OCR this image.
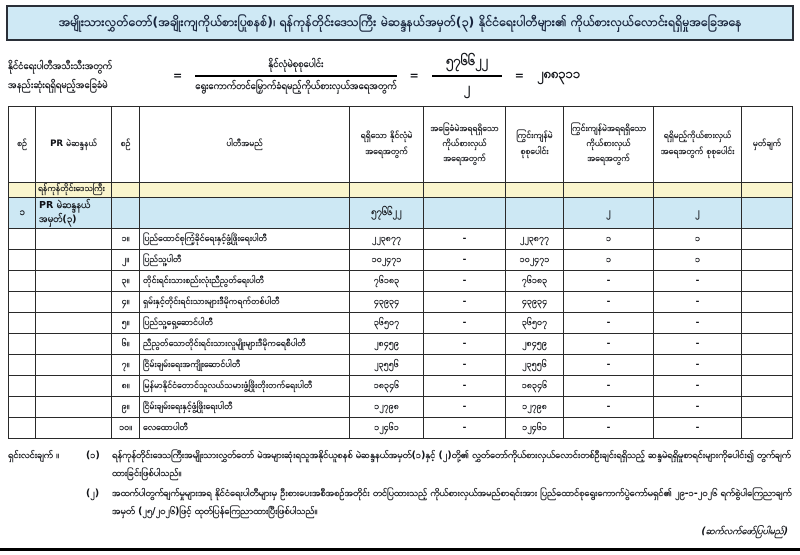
အမျိုးသားလွှတ်တော်(အချိုးကျကိုယ်စားပြုစနစ်)၊ ရန်ကုန်တိုင်းဒေသကြီး မဲဆန္ဒနယ်အမှတ်(၃) နိုင်ငံရေးပါတီများ၏ ကိုယ်စားလှယ်လောင်းရရှိမှုအခြေအနေ
နိုင်ငံရေးပါတီအသီးသီးအတွက်
အနည်းဆုံးရရှိရမည့်အခြေခံမဲ
= $\frac{\text{နိုင်လုံမဲစုစုပေါင်း}}{\text{ရွေးကောက်တင်မြှောက်ခံရမည့်ကိုယ်စားလှယ်အရေအတွက်}} = \frac{၅၇၆၆၂၂}{၂}$ = ၂၈၈၃၁၁
စဉ်	PR မဲဆန္ဒနယ်	စဉ်	ပါတီအမည်	ရရှိသော နိုင်လုံမဲ အရေအတွက်	အခြေခံမဲအရရရှိသော ကိုယ်စားလှယ် အရေအတွက်	ကြွင်းကျန်မဲ စုစုပေါင်း	ကြွင်းကျန်မဲအရရရှိသော ကိုယ်စားလှယ် အရေအတွက်	ရရှိမည့်ကိုယ်စားလှယ် အရေအတွက် စုစုပေါင်း	မှတ်ချက်
	ရန်ကုန်တိုင်းဒေသကြီး								
၁	PR မဲဆန္ဒနယ်အမှတ်(၃)			၅၇၆၆၂၂			၂	၂	
		၁။	ပြည်ထောင်စုကြံ့ခိုင်ရေးနှင့်ဖွံ့ဖြိုးရေးပါတီ	၂၂၃၈၇၇	-	၂၂၃၈၇၇	၁	၁	
		၂။	ပြည်သူ့ပါတီ	၁၀၂၄၇၁	-	၁၀၂၄၇၁	၁	၁	
		၃။	တိုင်းရင်းသားစည်းလုံးညီညွတ်ရေးပါတီ	၇၆၁၈၃	-	၇၆၁၈၃	-	-	
		၄။	ရှမ်းနှင့်တိုင်းရင်းသားများဒီမိုကရက်တစ်ပါတီ	၄၃၉၃၄	-	၄၃၉၃၄	-	-	
		၅။	ပြည်သူ့ရှေ့ဆောင်ပါတီ	၃၆၅၀၇	-	၃၆၅၀၇	-	-	
		၆။	ညီညွတ်သောတိုင်းရင်းသားလူမျိုးများဒီမိုကရေစီပါတီ	၂၈၄၅၉	-	၂၈၄၅၉	-	-	
		၇။	ငြိမ်းချမ်းရေးအကျိုးဆောင်ပါတီ	၂၃၅၅၆	-	၂၃၅၅၆	-	-	
		၈။	မြန်မာနိုင်ငံတောင်သူလယ်သမားဖွံ့ဖြိုးတိုးတက်ရေးပါတီ	၁၈၃၄၆	-	၁၈၃၄၆	-	-	
		၉။	ငြိမ်းချမ်းရေးနှင့်ဖွံ့ဖြိုးရေးပါတီ	၁၂၇၉၈	-	၁၂၇၉၈	-	-	
		၁၀။	လေထောပါတီ	၁၂၄၆၁	-	၁၂၄၆၁	-	-	
ရှင်းလင်းချက် ။	(၁)	ရန်ကုန်တိုင်းဒေသကြီးအမျိုးသားလွှတ်တော် မဲအများဆုံးရသူအနိုင်ယူစနစ် မဲဆန္ဒနယ်အမှတ်(၁)နှင့် (၂)တို့၏ လွှတ်တော်ကိုယ်စားလှယ်လောင်းတစ်ဦးချင်းရရှိသည့် ဆန္ဒမဲရရှိမှုစာရင်းများကိုပေါင်း၍ တွက်ချက်ထားခြင်းဖြစ်ပါသည်။
(၂)	အထက်ပါတွက်ချက်မှုများအရ နိုင်ငံရေးပါတီများမှ ဦးစားပေးအစီအစဉ်အတိုင်း တင်ပြထားသည့် ကိုယ်စားလှယ်အမည်စာရင်းအား ပြည်ထောင်စုရွေးကောက်ပွဲကော်မရှင်၏ ၂၉-၁-၂၀၂၆ ရက်စွဲပါကြေညာချက်အမှတ် (၂၅/၂၀၂၆)ဖြင့် ထုတ်ပြန်ကြေညာထားပြီးဖြစ်ပါသည်။
(ဆက်လက်ဖော်ပြပါမည်)
